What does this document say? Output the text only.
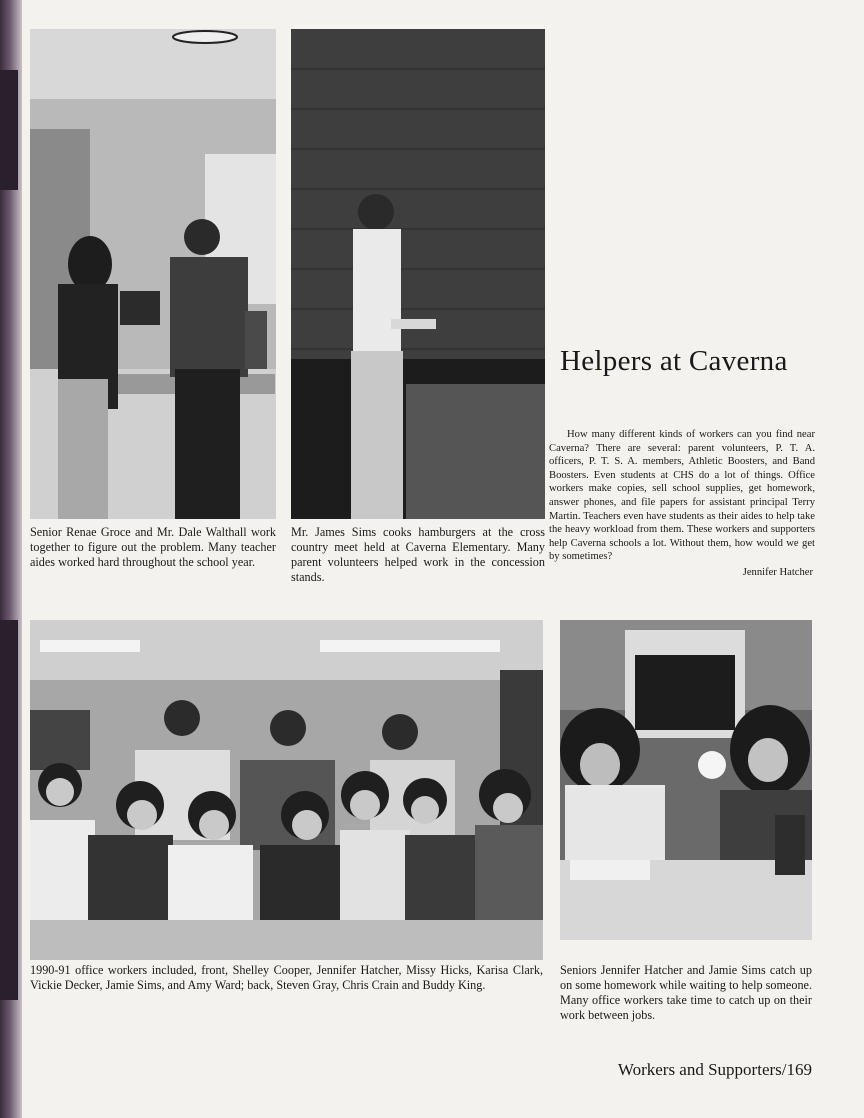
Senior Renae Groce and Mr. Dale Walthall work together to figure out the problem. Many teacher aides worked hard throughout the school year.

Mr. James Sims cooks hamburgers at the cross country meet held at Caverna Elementary. Many parent volunteers helped work in the concession stands.

1990-91 office workers included, front, Shelley Cooper, Jennifer Hatcher, Missy Hicks, Karisa Clark, Vickie Decker, Jamie Sims, and Amy Ward; back, Steven Gray, Chris Crain and Buddy King.

Seniors Jennifer Hatcher and Jamie Sims catch up on some homework while waiting to help someone. Many office workers take time to catch up on their work between jobs.

Helpers at Caverna

How many different kinds of workers can you find near Caverna? There are several: parent volunteers, P. T. A. officers, P. T. S. A. members, Athletic Boosters, and Band Boosters. Even students at CHS do a lot of things. Office workers make copies, sell school supplies, get homework, answer phones, and file papers for assistant principal Terry Martin. Teachers even have students as their aides to help take the heavy workload from them. These workers and supporters help Caverna schools a lot. Without them, how would we get by sometimes?

Jennifer Hatcher

Workers and Supporters/169
